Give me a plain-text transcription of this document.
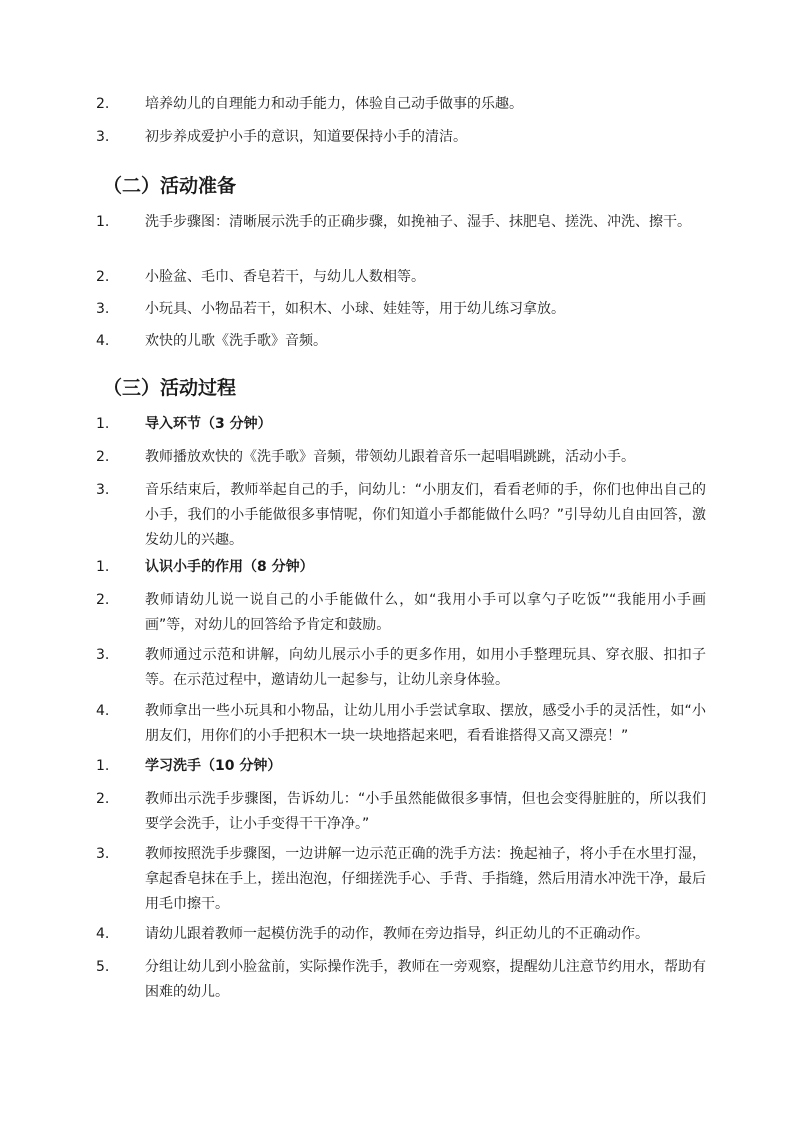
2.	培养幼儿的自理能力和动手能力，体验自己动手做事的乐趣。
3.	初步养成爱护小手的意识，知道要保持小手的清洁。
（二）活动准备
1.	洗手步骤图：清晰展示洗手的正确步骤，如挽袖子、湿手、抹肥皂、搓洗、冲洗、擦干。
2.	小脸盆、毛巾、香皂若干，与幼儿人数相等。
3.	小玩具、小物品若干，如积木、小球、娃娃等，用于幼儿练习拿放。
4.	欢快的儿歌《洗手歌》音频。
（三）活动过程
1.	导入环节（3 分钟）
2.	教师播放欢快的《洗手歌》音频，带领幼儿跟着音乐一起唱唱跳跳，活动小手。
3.	音乐结束后，教师举起自己的手，问幼儿：“小朋友们，看看老师的手，你们也伸出自己的小手，我们的小手能做很多事情呢，你们知道小手都能做什么吗？”引导幼儿自由回答，激发幼儿的兴趣。
1.	认识小手的作用（8 分钟）
2.	教师请幼儿说一说自己的小手能做什么，如“我用小手可以拿勺子吃饭”“我能用小手画画”等，对幼儿的回答给予肯定和鼓励。
3.	教师通过示范和讲解，向幼儿展示小手的更多作用，如用小手整理玩具、穿衣服、扣扣子等。在示范过程中，邀请幼儿一起参与，让幼儿亲身体验。
4.	教师拿出一些小玩具和小物品，让幼儿用小手尝试拿取、摆放，感受小手的灵活性，如“小朋友们，用你们的小手把积木一块一块地搭起来吧，看看谁搭得又高又漂亮！”
1.	学习洗手（10 分钟）
2.	教师出示洗手步骤图，告诉幼儿：“小手虽然能做很多事情，但也会变得脏脏的，所以我们要学会洗手，让小手变得干干净净。”
3.	教师按照洗手步骤图，一边讲解一边示范正确的洗手方法：挽起袖子，将小手在水里打湿，拿起香皂抹在手上，搓出泡泡，仔细搓洗手心、手背、手指缝，然后用清水冲洗干净，最后用毛巾擦干。
4.	请幼儿跟着教师一起模仿洗手的动作，教师在旁边指导，纠正幼儿的不正确动作。
5.	分组让幼儿到小脸盆前，实际操作洗手，教师在一旁观察，提醒幼儿注意节约用水，帮助有困难的幼儿。
